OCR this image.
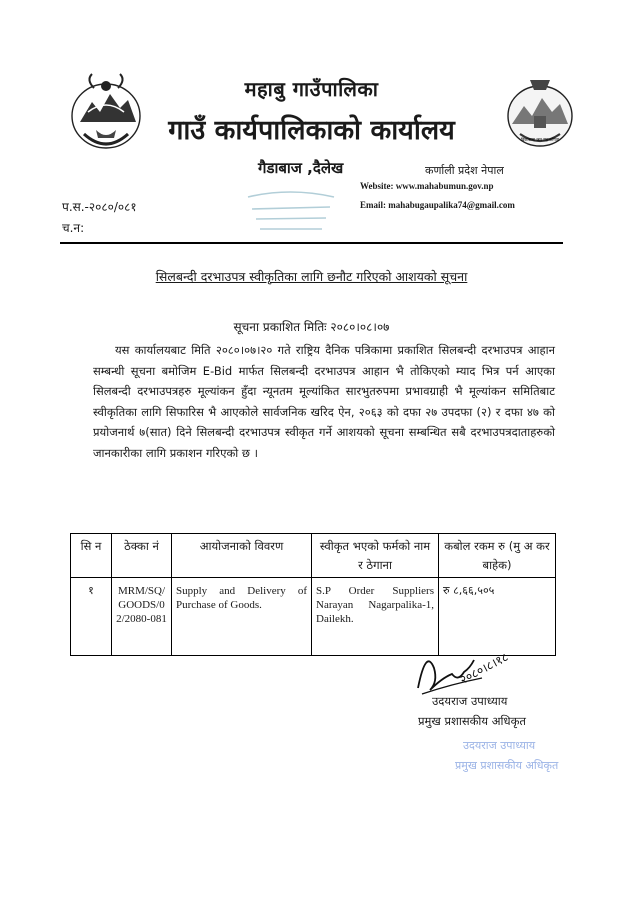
विकासमा जन सहभागिता
महाबु गाउँपालिका
गाउँ कार्यपालिकाको कार्यालय
गैडाबाज ,दैलेख	कर्णाली प्रदेश नेपाल
Website: www.mahabumun.gov.np
Email: mahabugaupalika74@gmail.com
प.स.-२०८०/०८१
च.न:
सिलबन्दी दरभाउपत्र स्वीकृतिका लागि छनौट गरिएको आशयको सूचना
सूचना प्रकाशित मितिः २०८०।०८।०७
यस कार्यालयबाट मिति २०८०।०७।२० गते राष्ट्रिय दैनिक पत्रिकामा प्रकाशित सिलबन्दी दरभाउपत्र आहान सम्बन्धी सूचना बमोजिम E-Bid मार्फत सिलबन्दी दरभाउपत्र आहान भै तोकिएको म्याद भित्र पर्न आएका सिलबन्दी दरभाउपत्रहरु मूल्यांकन हुँदा न्यूनतम मूल्यांकित सारभुतरुपमा प्रभावग्राही भै मूल्यांकन समितिबाट स्वीकृतिका लागि सिफारिस भै आएकोले सार्वजनिक खरिद ऐन, २०६३ को दफा २७ उपदफा (२) र दफा ४७ को प्रयोजनार्थ ७(सात) दिने सिलबन्दी दरभाउपत्र स्वीकृत गर्ने आशयको सूचना सम्बन्धित सबै दरभाउपत्रदाताहरुको जानकारीका लागि प्रकाशन गरिएको छ ।
सि न	ठेक्का नं	आयोजनाको विवरण	स्वीकृत भएको फर्मको नाम र ठेगाना	कबोल रकम रु (मु अ कर बाहेक)
१	MRM/SQ/GOODS/02/2080-081	Supply and Delivery of Purchase of Goods.	S.P Order Suppliers Narayan Nagarpalika-1, Dailekh.	रु ८,६६,५०५
२०८०।८।१८
उदयराज उपाध्याय
प्रमुख प्रशासकीय अधिकृत
उदयराज उपाध्याय
प्रमुख प्रशासकीय अधिकृत
